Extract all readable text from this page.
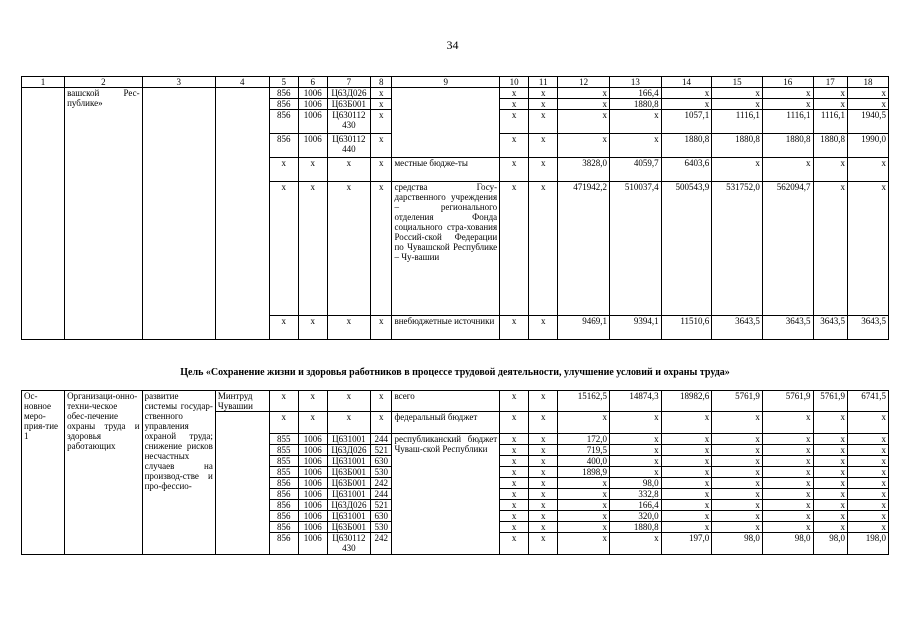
34
1	2	3	4	5	6	7	8	9	10	11	12	13	14	15	16	17	18
	вашской Рес-публике»			856	1006	Ц63Д026	х		х	х	х	166,4	х	х	х	х	х
				856	1006	Ц63Б001	х		х	х	х	1880,8	х	х	х	х	х
				856	1006	Ц630112 430	х		х	х	х	х	1057,1	1116,1	1116,1	1116,1	1940,5
				856	1006	Ц630112 440	х		х	х	х	х	1880,8	1880,8	1880,8	1880,8	1990,0
				х	х	х	х	местные бюдже-ты	х	х	3828,0	4059,7	6403,6	х	х	х	х
				х	х	х	х	средства Госу-дарственного учреждения – регионального отделения Фонда социального стра-хования Россий-ской Федерации по Чувашской Республике – Чу-вашии	х	х	471942,2	510037,4	500543,9	531752,0	562094,7	х	х
				х	х	х	х	внебюджетные источники	х	х	9469,1	9394,1	11510,6	3643,5	3643,5	3643,5	3643,5
Цель «Сохранение жизни и здоровья работников в процессе трудовой деятельности, улучшение условий и охраны труда»
Ос-новное меро-прия-тие 1	Организаци-онно-техни-ческое обес-печение охраны труда и здоровья работающих	развитие системы государ-ственного управления охраной труда; снижение рисков несчастных случаев на производ-стве и про-фессио-	Минтруд Чувашии	х	х	х	х	всего	х	х	15162,5	14874,3	18982,6	5761,9	5761,9	5761,9	6741,5
				х	х	х	х	федеральный бюджет	х	х	х	х	х	х	х	х	х
				855	1006	Ц631001	244	республиканский бюджет Чуваш-ской Республики	х	х	172,0	х	х	х	х	х	х
				855	1006	Ц63Д026	521		х	х	719,5	х	х	х	х	х	х
				855	1006	Ц631001	630		х	х	400,0	х	х	х	х	х	х
				855	1006	Ц63Б001	530		х	х	1898,9	х	х	х	х	х	х
				856	1006	Ц63Б001	242		х	х	х	98,0	х	х	х	х	х
				856	1006	Ц631001	244		х	х	х	332,8	х	х	х	х	х
				856	1006	Ц63Д026	521		х	х	х	166,4	х	х	х	х	х
				856	1006	Ц631001	630		х	х	х	320,0	х	х	х	х	х
				856	1006	Ц63Б001	530		х	х	х	1880,8	х	х	х	х	х
				856	1006	Ц630112 430	242		х	х	х	х	197,0	98,0	98,0	98,0	198,0
